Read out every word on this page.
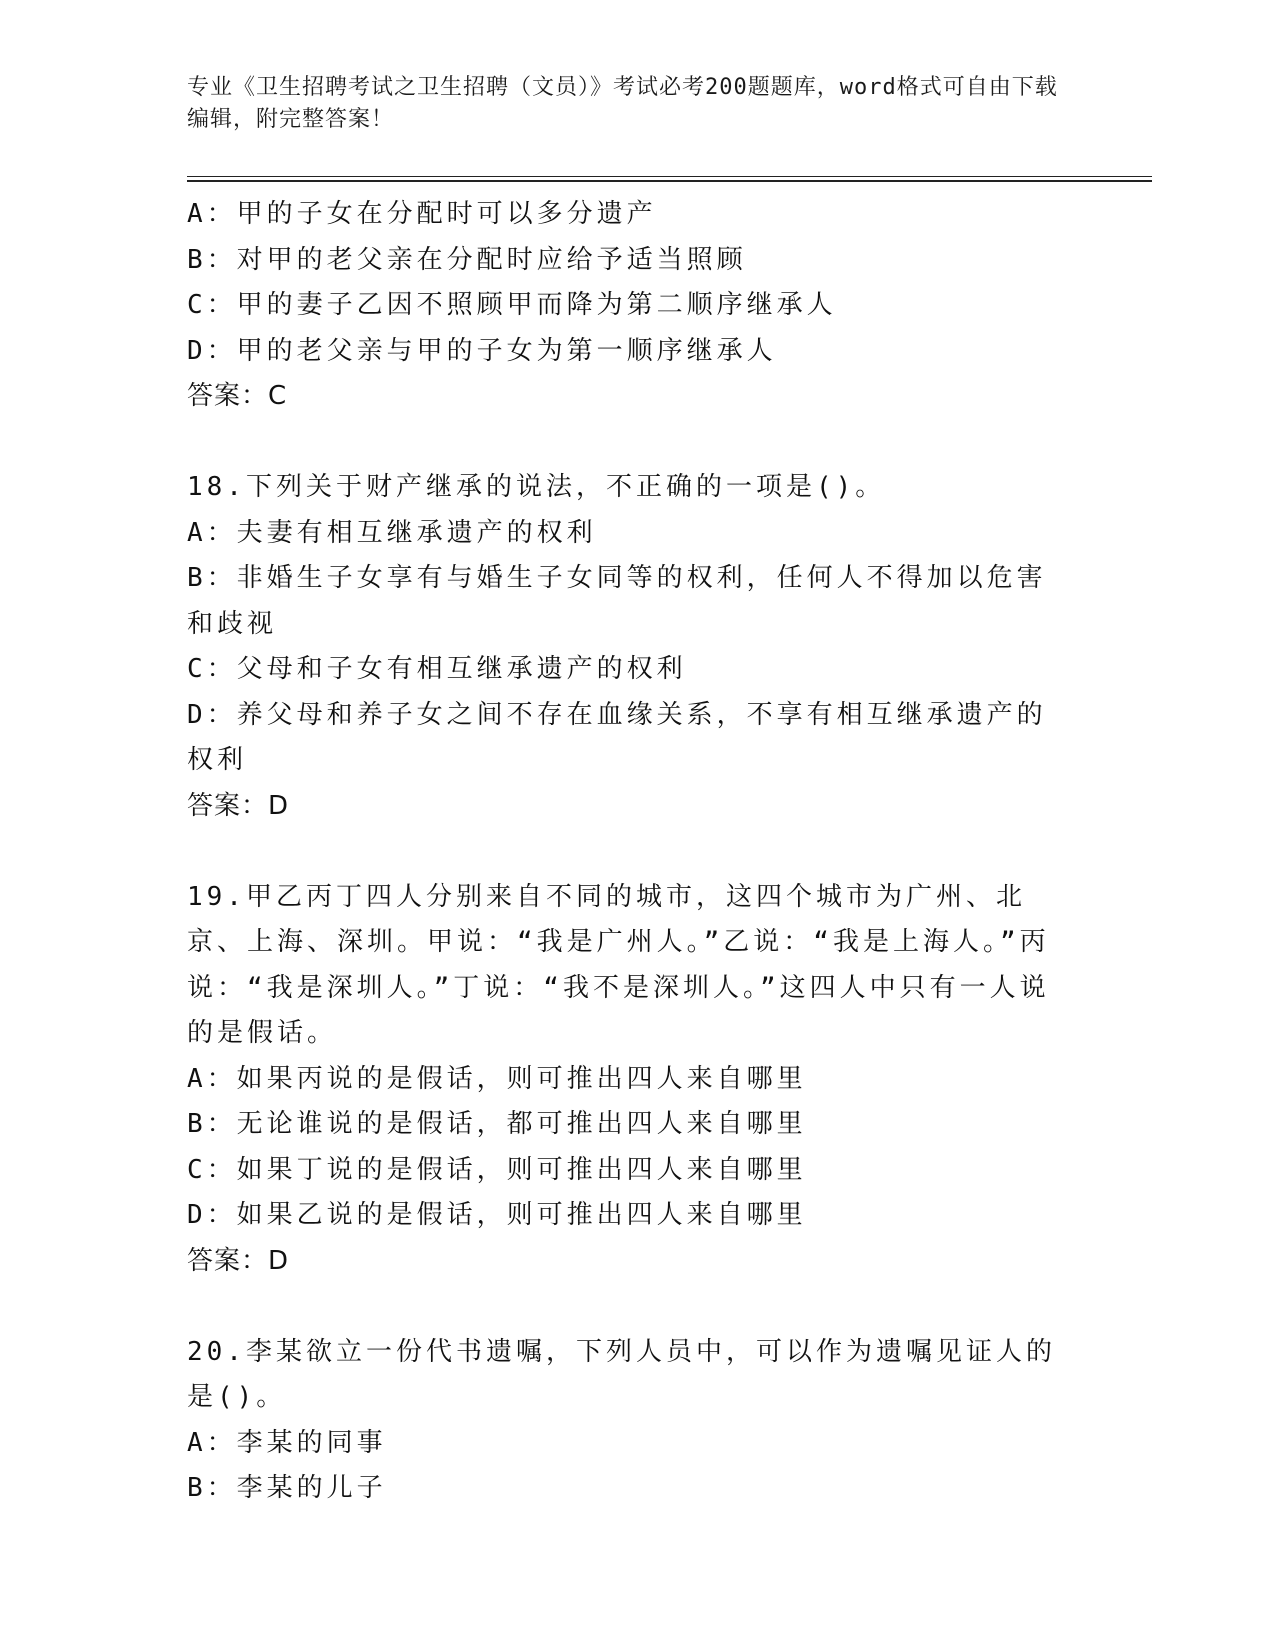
专业《卫生招聘考试之卫生招聘（文员）》考试必考200题题库，word格式可自由下载编辑，附完整答案！
A：甲的子女在分配时可以多分遗产
B：对甲的老父亲在分配时应给予适当照顾
C：甲的妻子乙因不照顾甲而降为第二顺序继承人
D：甲的老父亲与甲的子女为第一顺序继承人
答案：C
18.下列关于财产继承的说法，不正确的一项是()。
A：夫妻有相互继承遗产的权利
B：非婚生子女享有与婚生子女同等的权利，任何人不得加以危害和歧视
C：父母和子女有相互继承遗产的权利
D：养父母和养子女之间不存在血缘关系，不享有相互继承遗产的权利
答案：D
19.甲乙丙丁四人分别来自不同的城市，这四个城市为广州、北京、上海、深圳。甲说：“我是广州人。”乙说：“我是上海人。”丙说：“我是深圳人。”丁说：“我不是深圳人。”这四人中只有一人说的是假话。
A：如果丙说的是假话，则可推出四人来自哪里
B：无论谁说的是假话，都可推出四人来自哪里
C：如果丁说的是假话，则可推出四人来自哪里
D：如果乙说的是假话，则可推出四人来自哪里
答案：D
20.李某欲立一份代书遗嘱，下列人员中，可以作为遗嘱见证人的是()。
A：李某的同事
B：李某的儿子
